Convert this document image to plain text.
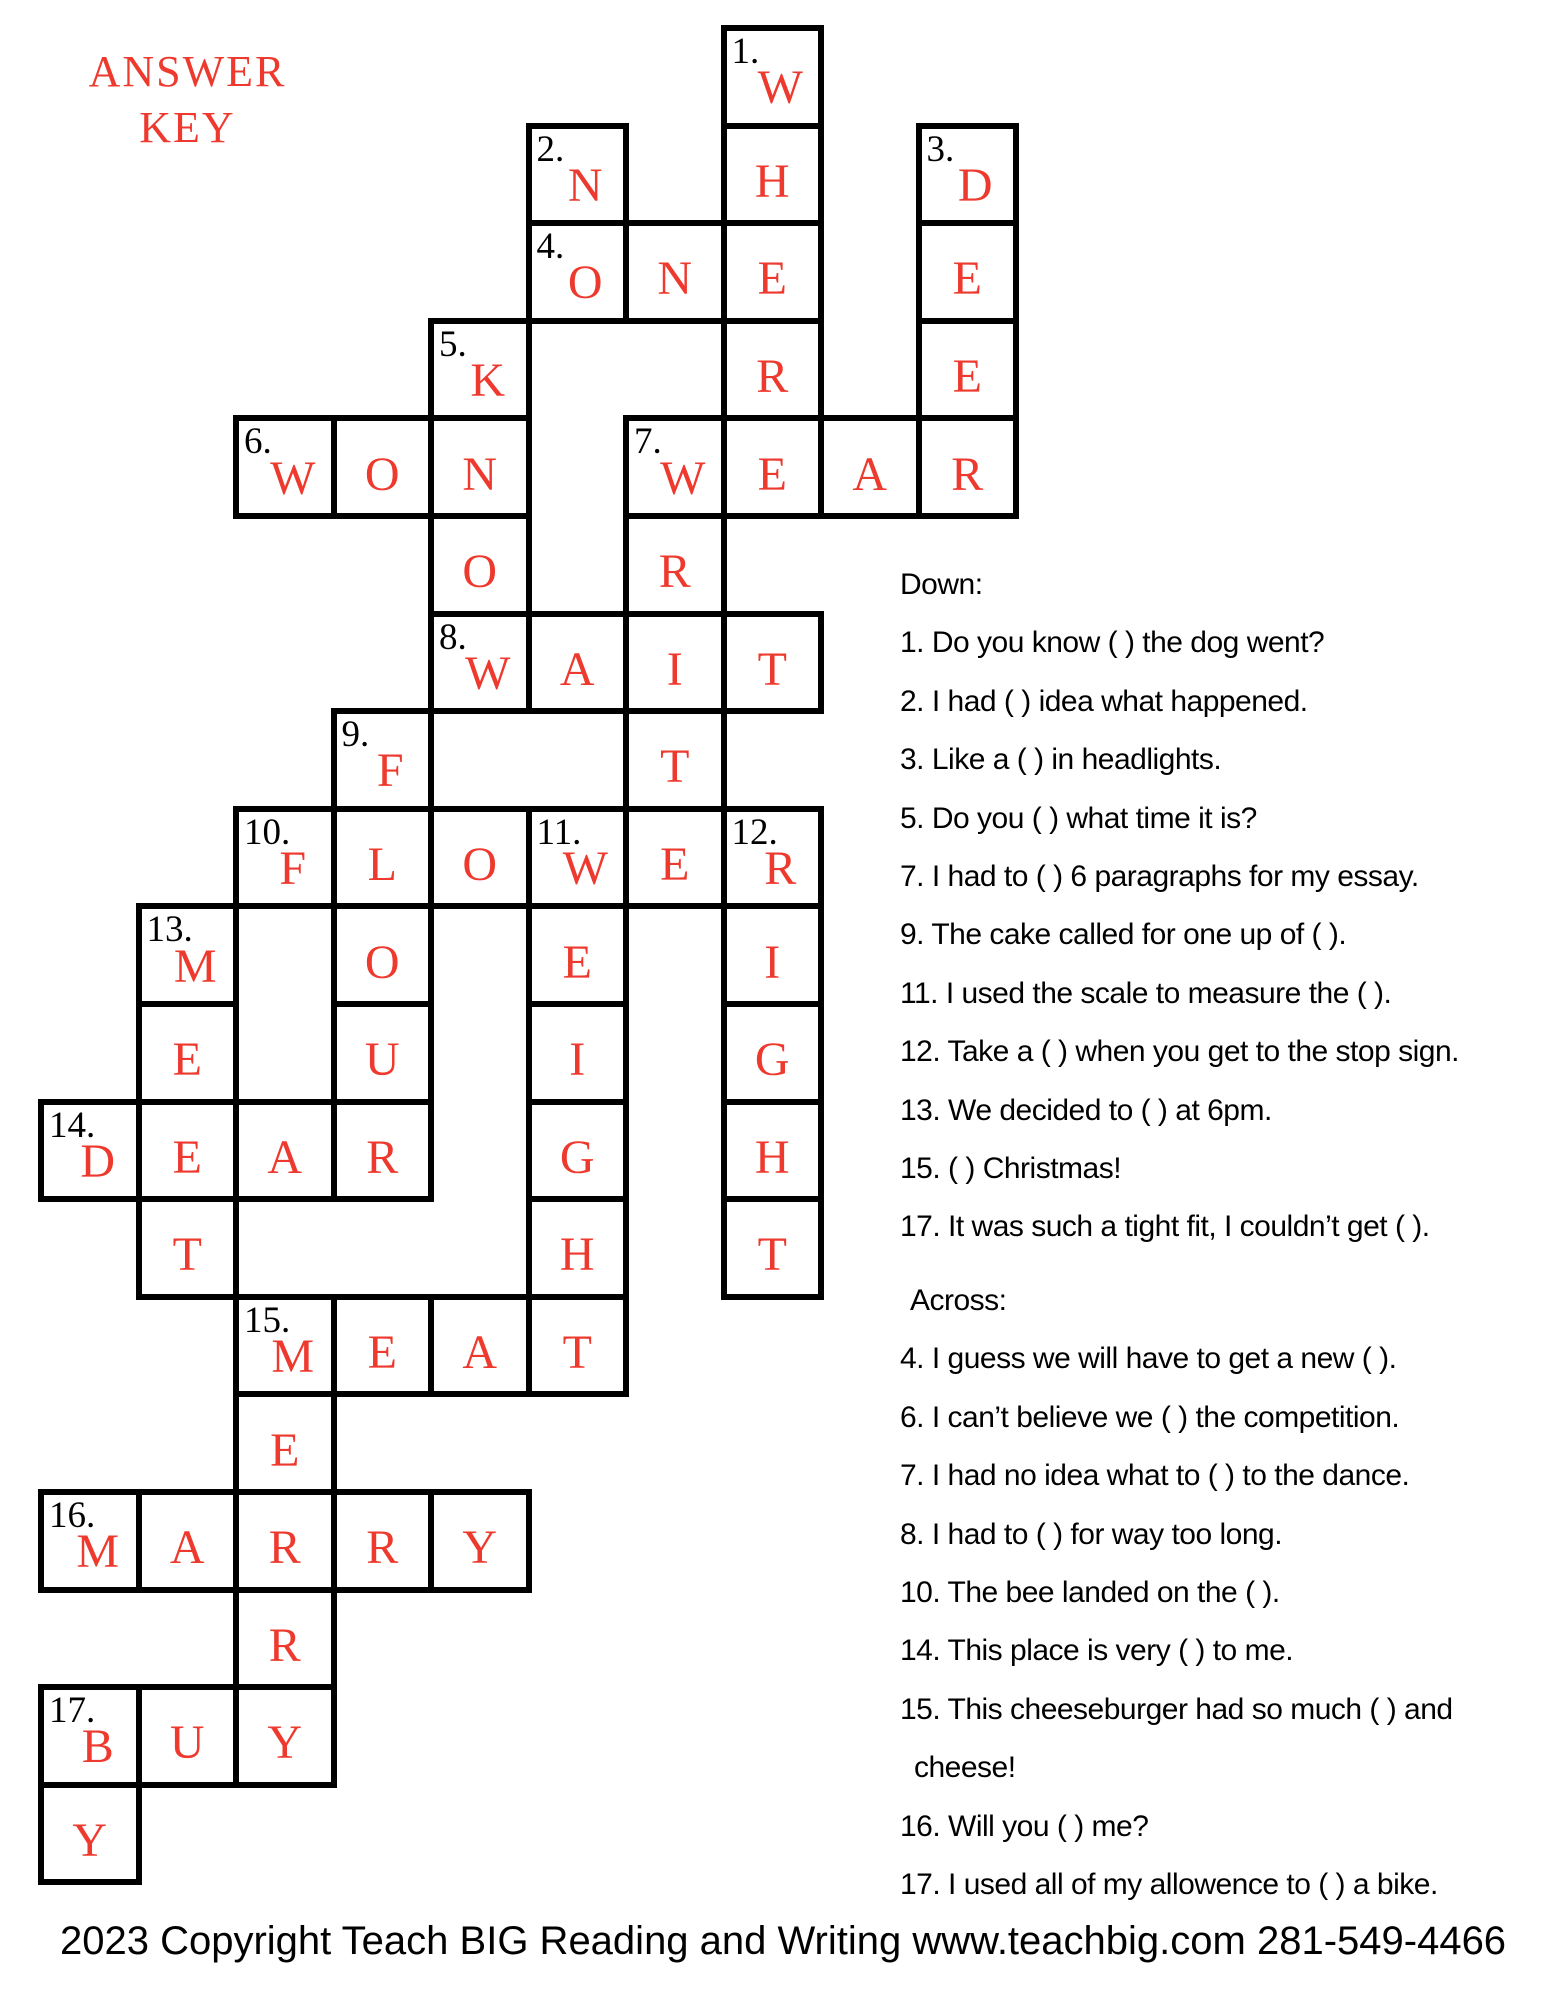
ANSWER
KEY
1.
W
2.
N	H
3.
D
4.
O	N	E	E
5.
K	R	E
6.
W	O	N
7.
W	E	A	R
O	R
8.
W	A	I	T
9.
F	T
10.
F	L	O
11.
W	E
12.
R
13.
M	O	E	I
E	U	I	G
14.
D	E	A	R	G	H
T	H	T
15.
M	E	A	T
E
16.
M	A	R	R	Y
R
17.
B	U	Y
Y
Down:
1. Do you know ( ) the dog went?
2. I had ( ) idea what happened.
3. Like a ( ) in headlights.
5. Do you ( ) what time it is?
7. I had to ( ) 6 paragraphs for my essay.
9. The cake called for one up of ( ).
11. I used the scale to measure the ( ).
12. Take a ( ) when you get to the stop sign.
13. We decided to ( ) at 6pm.
15. ( ) Christmas!
17. It was such a tight fit, I couldn’t get ( ).
Across:
4. I guess we will have to get a new ( ).
6. I can’t believe we ( ) the competition.
7. I had no idea what to ( ) to the dance.
8. I had to ( ) for way too long.
10. The bee landed on the ( ).
14. This place is very ( ) to me.
15. This cheeseburger had so much ( ) and
cheese!
16. Will you ( ) me?
17. I used all of my allowence to ( ) a bike.
2023 Copyright Teach BIG Reading and Writing www.teachbig.com 281-549-4466
